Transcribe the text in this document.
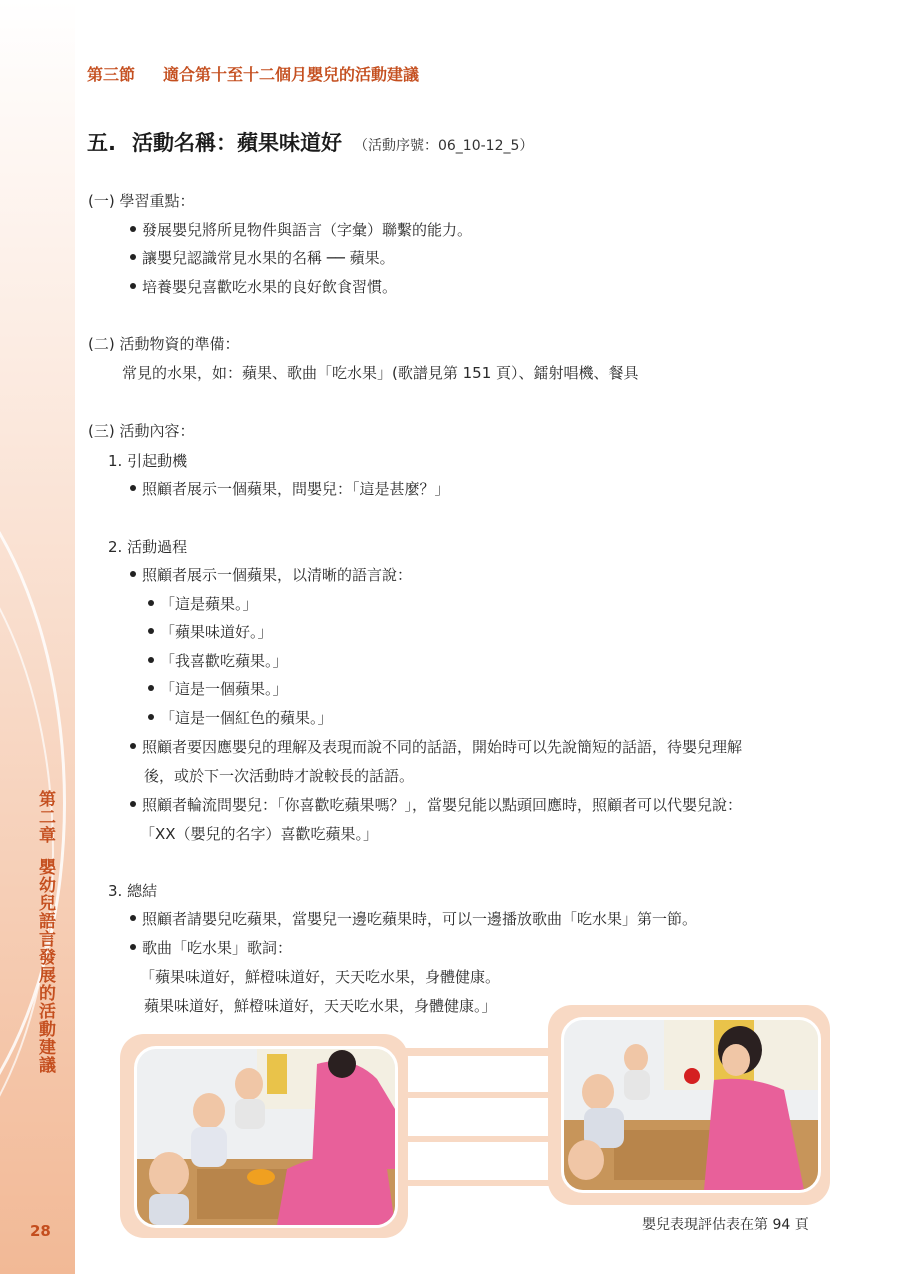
第二章嬰幼兒語言發展的活動建議
28
第三節 適合第十至十二個月嬰兒的活動建議
五. 活動名稱：蘋果味道好 （活動序號：06_10-12_5）
(一) 學習重點：
發展嬰兒將所見物件與語言（字彙）聯繫的能力。
讓嬰兒認識常見水果的名稱 ── 蘋果。
培養嬰兒喜歡吃水果的良好飲食習慣。
(二) 活動物資的準備：
常見的水果，如：蘋果、歌曲「吃水果」(歌譜見第 151 頁）、鐳射唱機、餐具
(三) 活動內容：
1. 引起動機
照顧者展示一個蘋果，問嬰兒：「這是甚麼？」
2. 活動過程
照顧者展示一個蘋果，以清晰的語言說：
「這是蘋果。」
「蘋果味道好。」
「我喜歡吃蘋果。」
「這是一個蘋果。」
「這是一個紅色的蘋果。」
照顧者要因應嬰兒的理解及表現而說不同的話語，開始時可以先說簡短的話語，待嬰兒理解
後，或於下一次活動時才說較長的話語。
照顧者輪流問嬰兒：「你喜歡吃蘋果嗎？」，當嬰兒能以點頭回應時，照顧者可以代嬰兒說：
「XX（嬰兒的名字）喜歡吃蘋果。」
3. 總結
照顧者請嬰兒吃蘋果，當嬰兒一邊吃蘋果時，可以一邊播放歌曲「吃水果」第一節。
歌曲「吃水果」歌詞：
「蘋果味道好，鮮橙味道好，天天吃水果，身體健康。
蘋果味道好，鮮橙味道好，天天吃水果，身體健康。」
嬰兒表現評估表在第 94 頁
